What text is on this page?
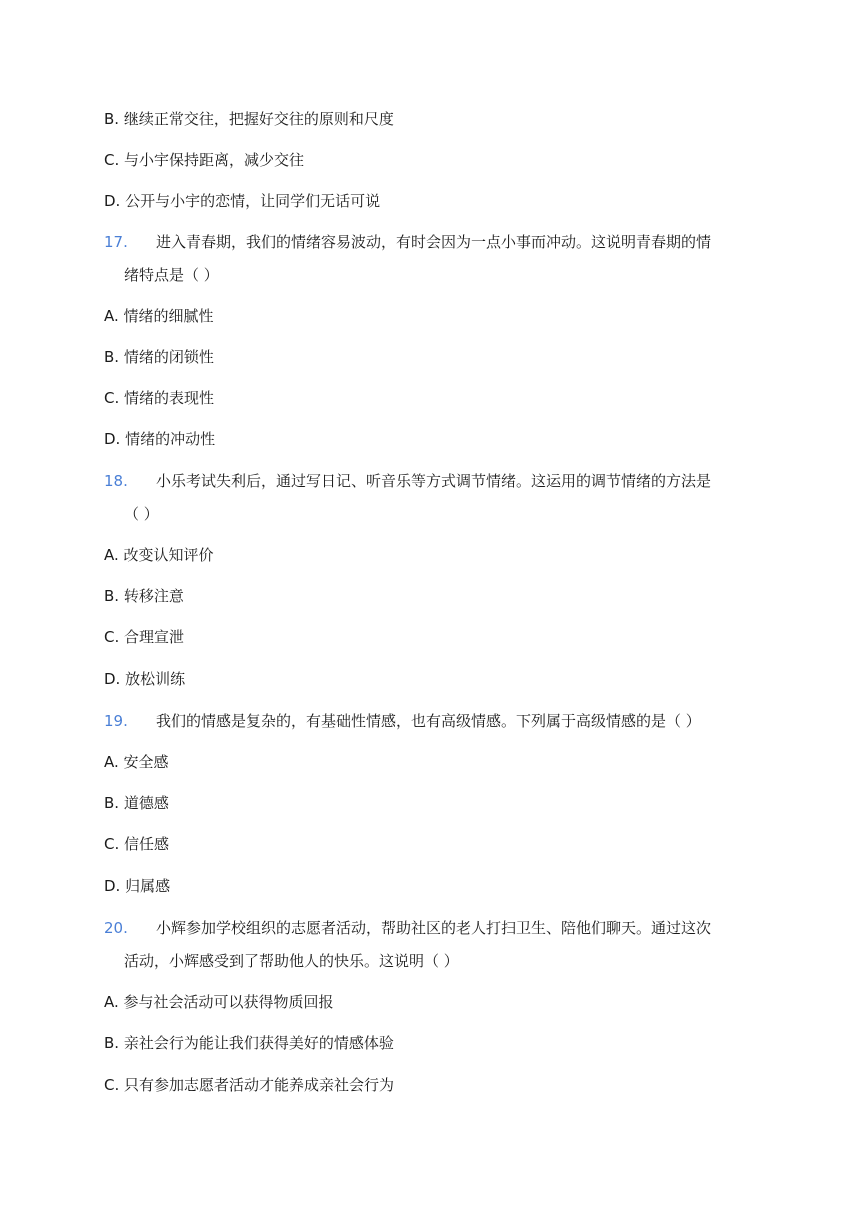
B. 继续正常交往，把握好交往的原则和尺度
C. 与小宇保持距离，减少交往
D. 公开与小宇的恋情，让同学们无话可说
17. 进入青春期，我们的情绪容易波动，有时会因为一点小事而冲动。这说明青春期的情
绪特点是（ ）
A. 情绪的细腻性
B. 情绪的闭锁性
C. 情绪的表现性
D. 情绪的冲动性
18. 小乐考试失利后，通过写日记、听音乐等方式调节情绪。这运用的调节情绪的方法是
（ ）
A. 改变认知评价
B. 转移注意
C. 合理宣泄
D. 放松训练
19. 我们的情感是复杂的，有基础性情感，也有高级情感。下列属于高级情感的是（ ）
A. 安全感
B. 道德感
C. 信任感
D. 归属感
20. 小辉参加学校组织的志愿者活动，帮助社区的老人打扫卫生、陪他们聊天。通过这次
活动，小辉感受到了帮助他人的快乐。这说明（ ）
A. 参与社会活动可以获得物质回报
B. 亲社会行为能让我们获得美好的情感体验
C. 只有参加志愿者活动才能养成亲社会行为
